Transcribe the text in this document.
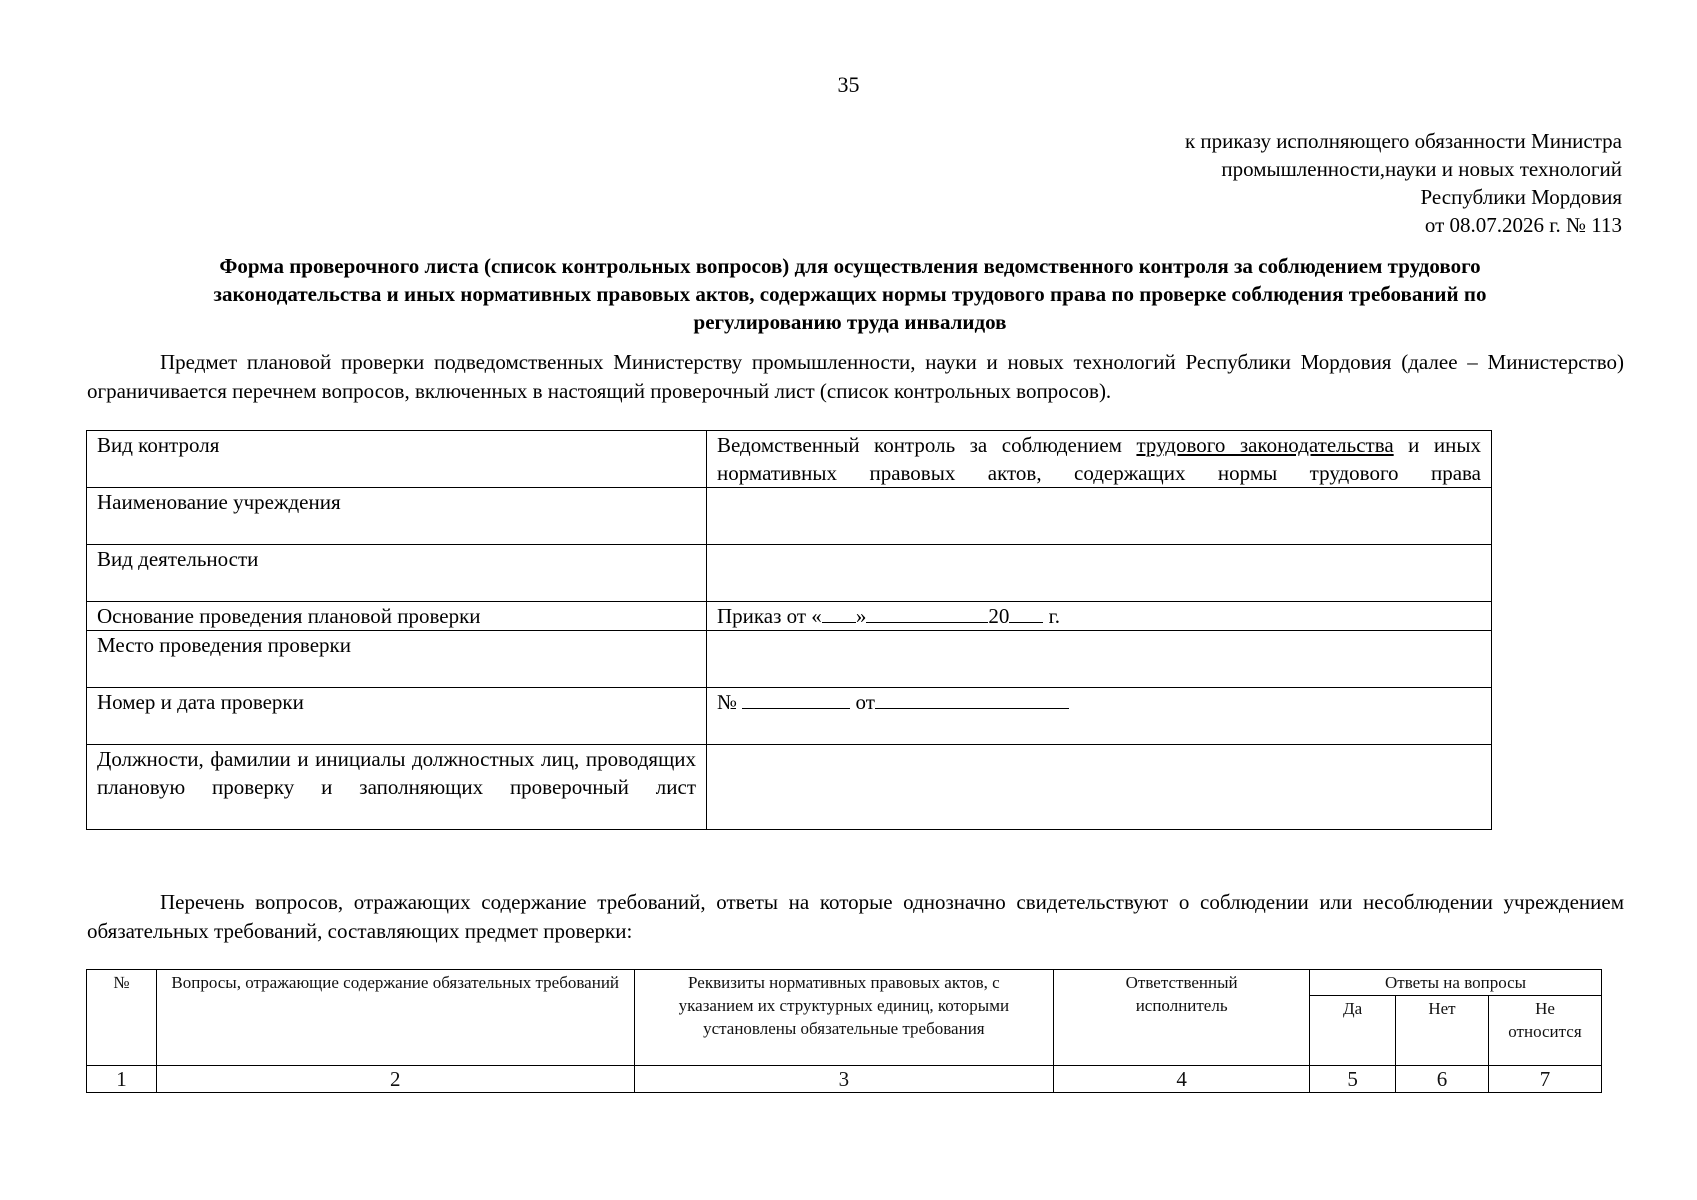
35
к приказу исполняющего обязанности Министра
промышленности,науки и новых технологий
Республики Мордовия
от 08.07.2026 г. № 113
Форма проверочного листа (список контрольных вопросов) для осуществления ведомственного контроля за соблюдением трудового
законодательства и иных нормативных правовых актов, содержащих нормы трудового права по проверке соблюдения требований по
регулированию труда инвалидов
Предмет плановой проверки подведомственных Министерству промышленности, науки и новых технологий Республики Мордовия (далее – Министерство) ограничивается перечнем вопросов, включенных в настоящий проверочный лист (список контрольных вопросов).
Вид контроля	Ведомственный контроль за соблюдением трудового законодательства и иных нормативных правовых актов, содержащих нормы трудового права
Наименование учреждения	
Вид деятельности	
Основание проведения плановой проверки	Приказ от « » 20 г.
Место проведения проверки	
Номер и дата проверки	№ от
Должности, фамилии и инициалы должностных лиц, проводящих плановую проверку и заполняющих проверочный лист	
Перечень вопросов, отражающих содержание требований, ответы на которые однозначно свидетельствуют о соблюдении или несоблюдении учреждением обязательных требований, составляющих предмет проверки:
№	Вопросы, отражающие содержание обязательных требований	Реквизиты нормативных правовых актов, с указанием их структурных единиц, которыми установлены обязательные требования	Ответственный исполнитель	Ответы на вопросы		
				Да	Нет	Не относится
1	2	3	4	5	6	7
